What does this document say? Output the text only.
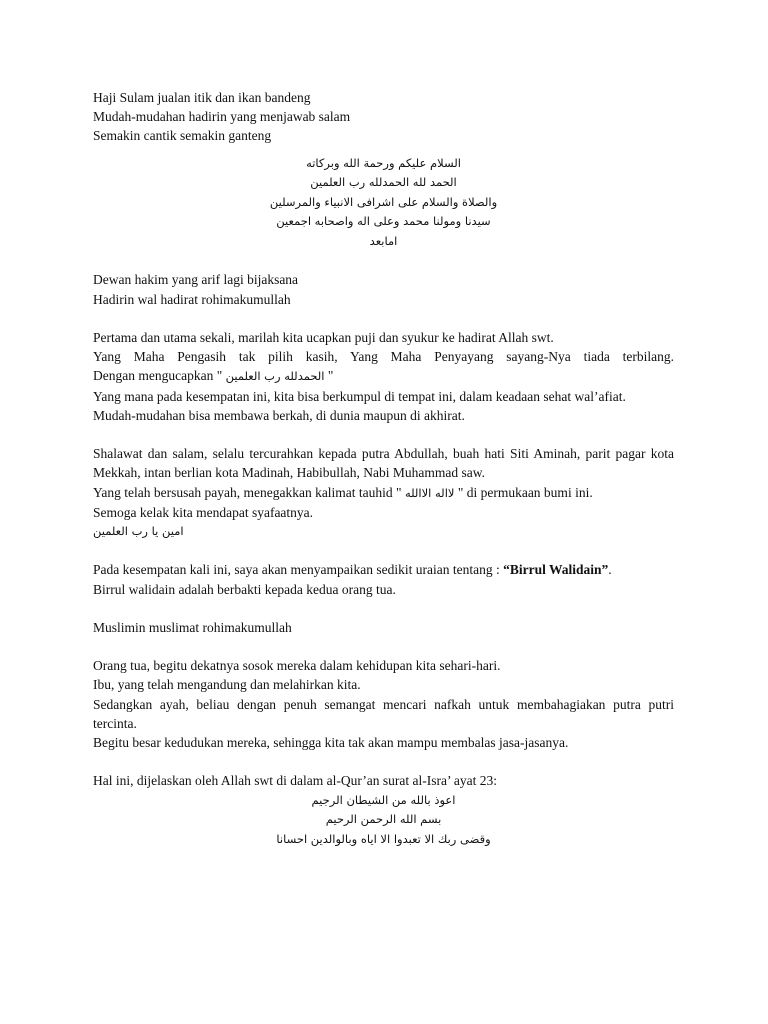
Haji Sulam jualan itik dan ikan bandeng

Mudah-mudahan hadirin yang menjawab salam

Semakin cantik semakin ganteng

السلام عليكم ورحمة الله وبركاته

الحمد لله الحمدلله رب العلمين

والصلاة والسلام على اشرافى الانبياء والمرسلين

سيدنا ومولنا محمد وعلى اله واصحابه اجمعين

امابعد

Dewan hakim yang arif lagi bijaksana

Hadirin wal hadirat rohimakumullah

Pertama dan utama sekali, marilah kita ucapkan puji dan syukur ke hadirat Allah swt.

Yang Maha Pengasih tak pilih kasih, Yang Maha Penyayang sayang-Nya tiada terbilang.

Dengan mengucapkan " الحمدلله رب العلمين "

Yang mana pada kesempatan ini, kita bisa berkumpul di tempat ini, dalam keadaan sehat wal’afiat.

Mudah-mudahan bisa membawa berkah, di dunia maupun di akhirat.

Shalawat dan salam, selalu tercurahkan kepada putra Abdullah, buah hati Siti Aminah, parit pagar kota Mekkah, intan berlian kota Madinah, Habibullah, Nabi Muhammad saw.

Yang telah bersusah payah, menegakkan kalimat tauhid " لااله الاالله " di permukaan bumi ini.

Semoga kelak kita mendapat syafaatnya.

امين يا رب العلمين

Pada kesempatan kali ini, saya akan menyampaikan sedikit uraian tentang : “Birrul Walidain”.

Birrul walidain adalah berbakti kepada kedua orang tua.

Muslimin muslimat rohimakumullah

Orang tua, begitu dekatnya sosok mereka dalam kehidupan kita sehari-hari.

Ibu, yang telah mengandung dan melahirkan kita.

Sedangkan ayah, beliau dengan penuh semangat mencari nafkah untuk membahagiakan putra putri tercinta.

Begitu besar kedudukan mereka, sehingga kita tak akan mampu membalas jasa-jasanya.

Hal ini, dijelaskan oleh Allah swt di dalam al-Qur’an surat al-Isra’ ayat 23:

اعوذ بالله من الشيطان الرجيم

بسم الله الرحمن الرحيم

وقضى ربك الا تعبدوا الا اياه وبالوالدين احسانا
